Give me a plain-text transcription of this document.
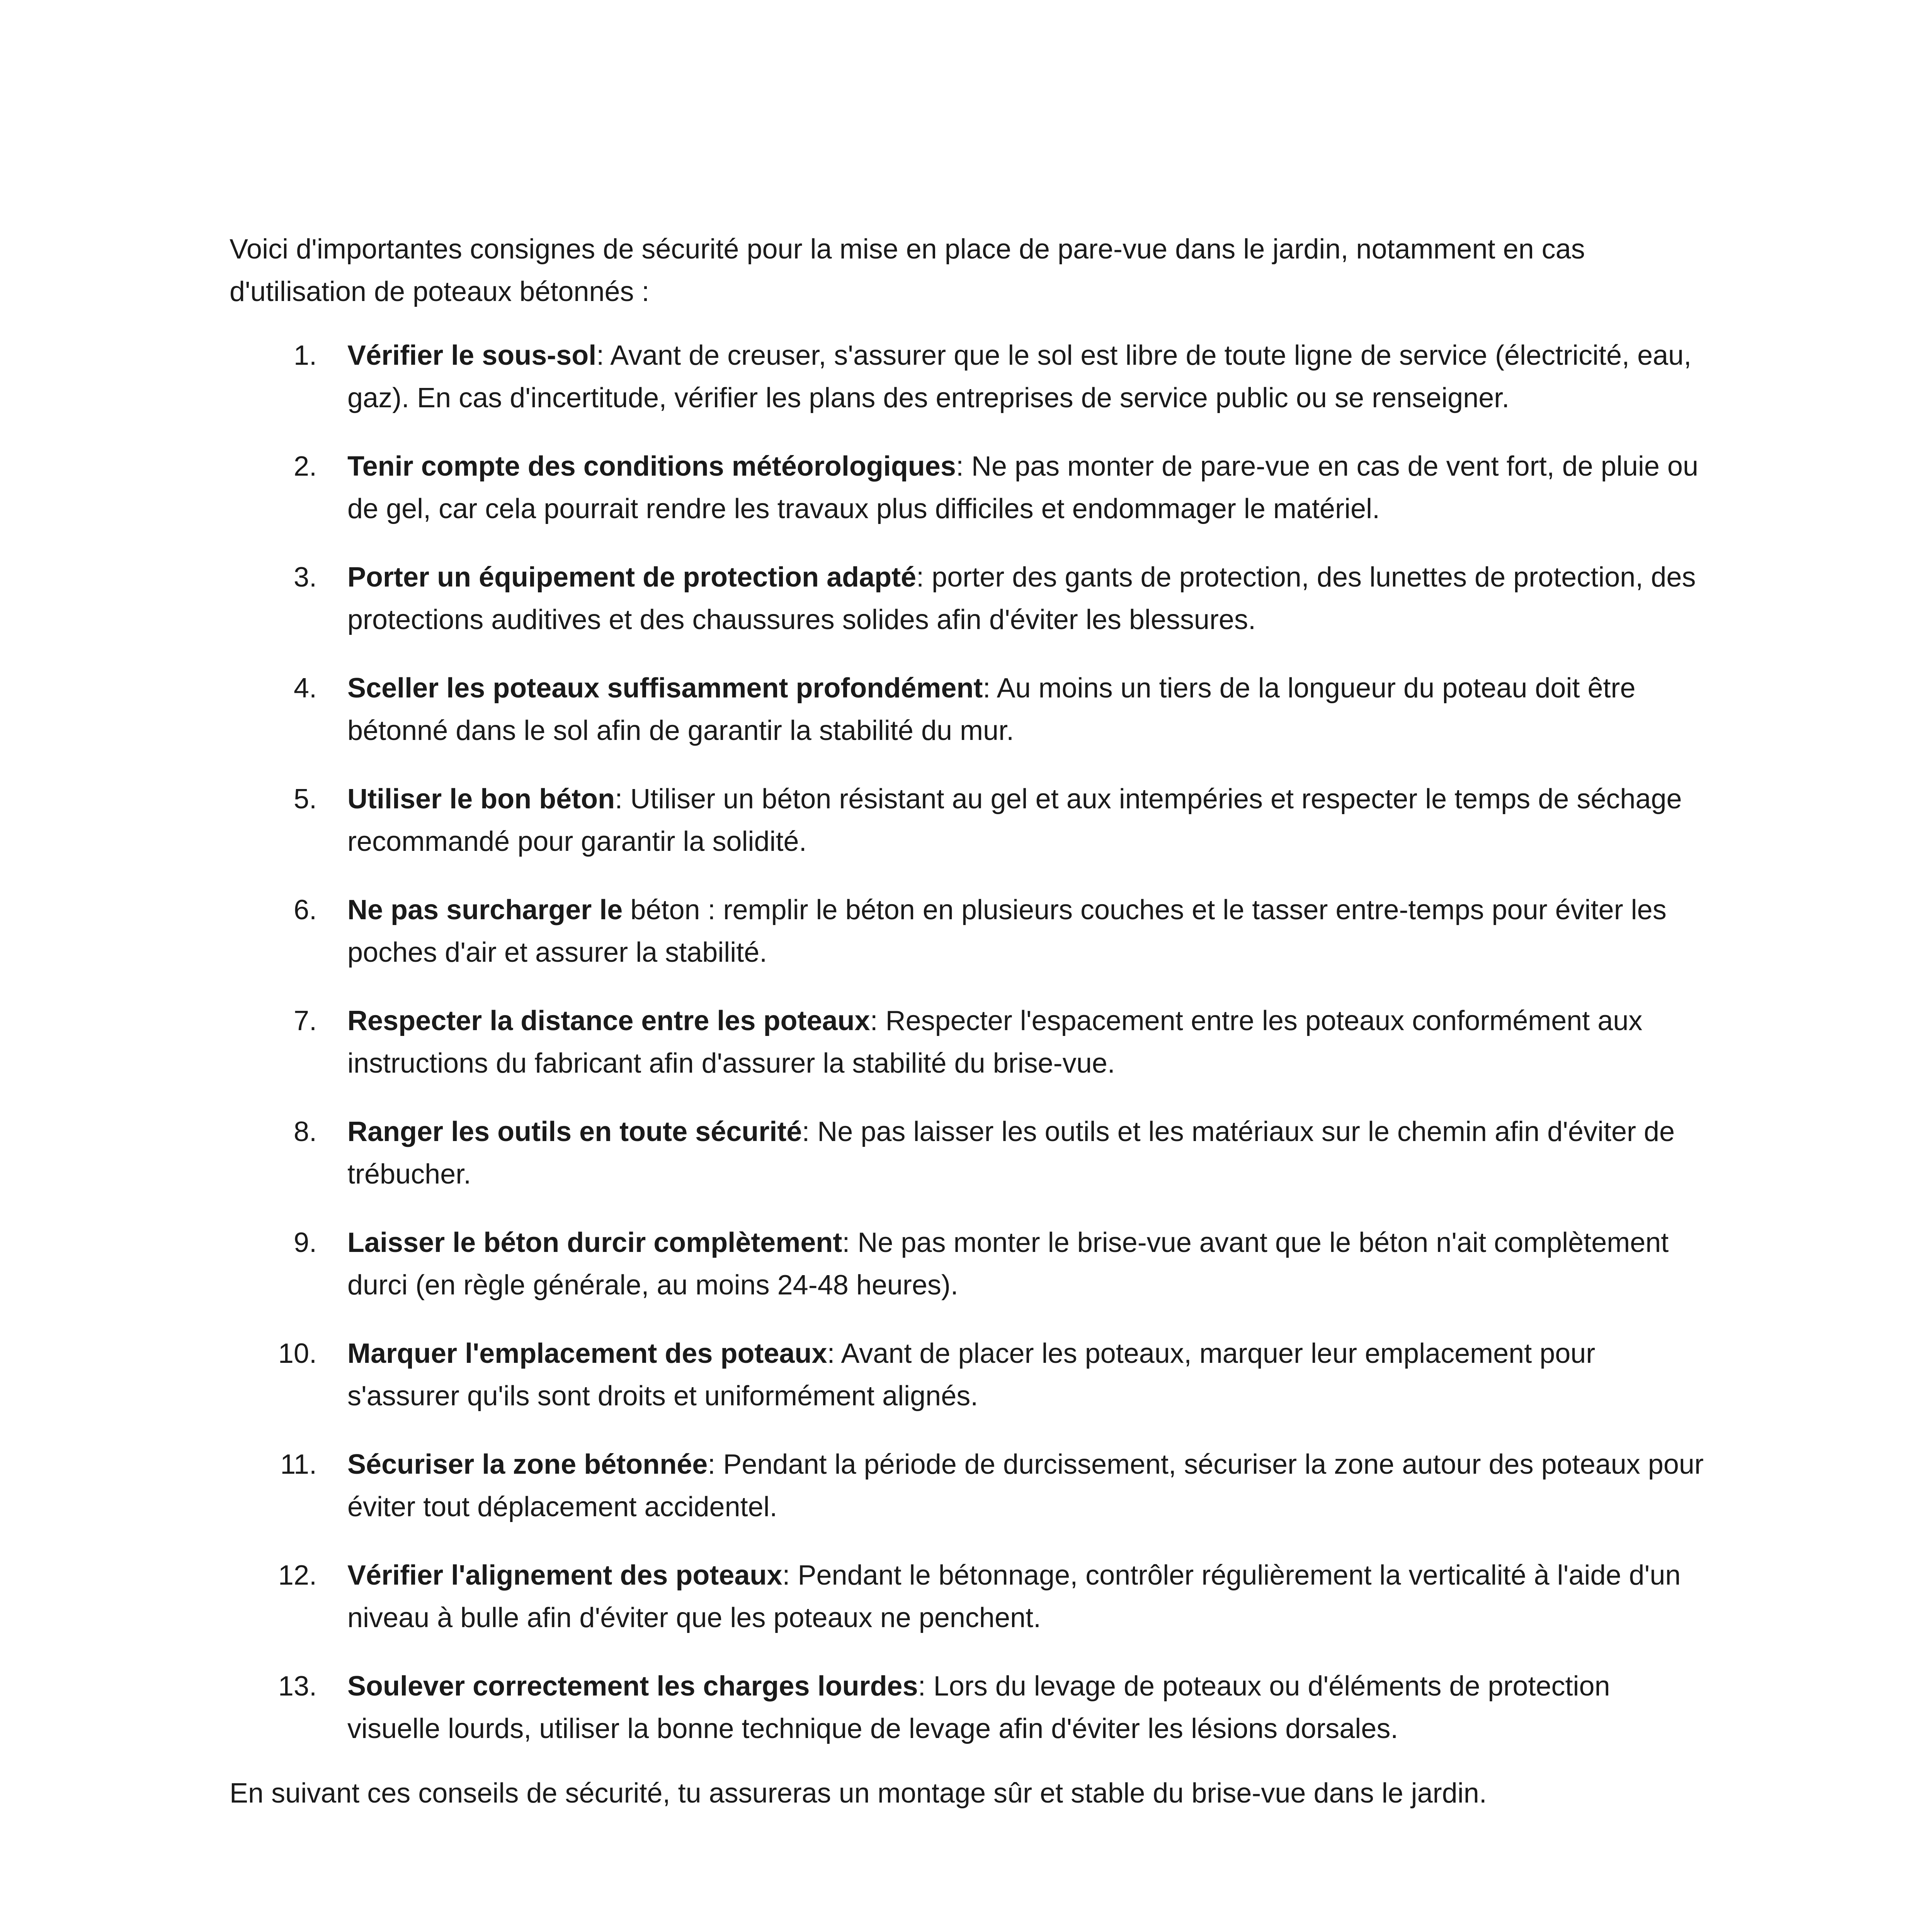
Voici d'importantes consignes de sécurité pour la mise en place de pare-vue dans le jardin, notamment en cas d'utilisation de poteaux bétonnés :

1. Vérifier le sous-sol: Avant de creuser, s'assurer que le sol est libre de toute ligne de service (électricité, eau, gaz). En cas d'incertitude, vérifier les plans des entreprises de service public ou se renseigner.
2. Tenir compte des conditions météorologiques: Ne pas monter de pare-vue en cas de vent fort, de pluie ou de gel, car cela pourrait rendre les travaux plus difficiles et endommager le matériel.
3. Porter un équipement de protection adapté: porter des gants de protection, des lunettes de protection, des protections auditives et des chaussures solides afin d'éviter les blessures.
4. Sceller les poteaux suffisamment profondément: Au moins un tiers de la longueur du poteau doit être bétonné dans le sol afin de garantir la stabilité du mur.
5. Utiliser le bon béton: Utiliser un béton résistant au gel et aux intempéries et respecter le temps de séchage recommandé pour garantir la solidité.
6. Ne pas surcharger le béton : remplir le béton en plusieurs couches et le tasser entre-temps pour éviter les poches d'air et assurer la stabilité.
7. Respecter la distance entre les poteaux: Respecter l'espacement entre les poteaux conformément aux instructions du fabricant afin d'assurer la stabilité du brise-vue.
8. Ranger les outils en toute sécurité: Ne pas laisser les outils et les matériaux sur le chemin afin d'éviter de trébucher.
9. Laisser le béton durcir complètement: Ne pas monter le brise-vue avant que le béton n'ait complètement durci (en règle générale, au moins 24-48 heures).
10. Marquer l'emplacement des poteaux: Avant de placer les poteaux, marquer leur emplacement pour s'assurer qu'ils sont droits et uniformément alignés.
11. Sécuriser la zone bétonnée: Pendant la période de durcissement, sécuriser la zone autour des poteaux pour éviter tout déplacement accidentel.
12. Vérifier l'alignement des poteaux: Pendant le bétonnage, contrôler régulièrement la verticalité à l'aide d'un niveau à bulle afin d'éviter que les poteaux ne penchent.
13. Soulever correctement les charges lourdes: Lors du levage de poteaux ou d'éléments de protection visuelle lourds, utiliser la bonne technique de levage afin d'éviter les lésions dorsales.

En suivant ces conseils de sécurité, tu assureras un montage sûr et stable du brise-vue dans le jardin.
